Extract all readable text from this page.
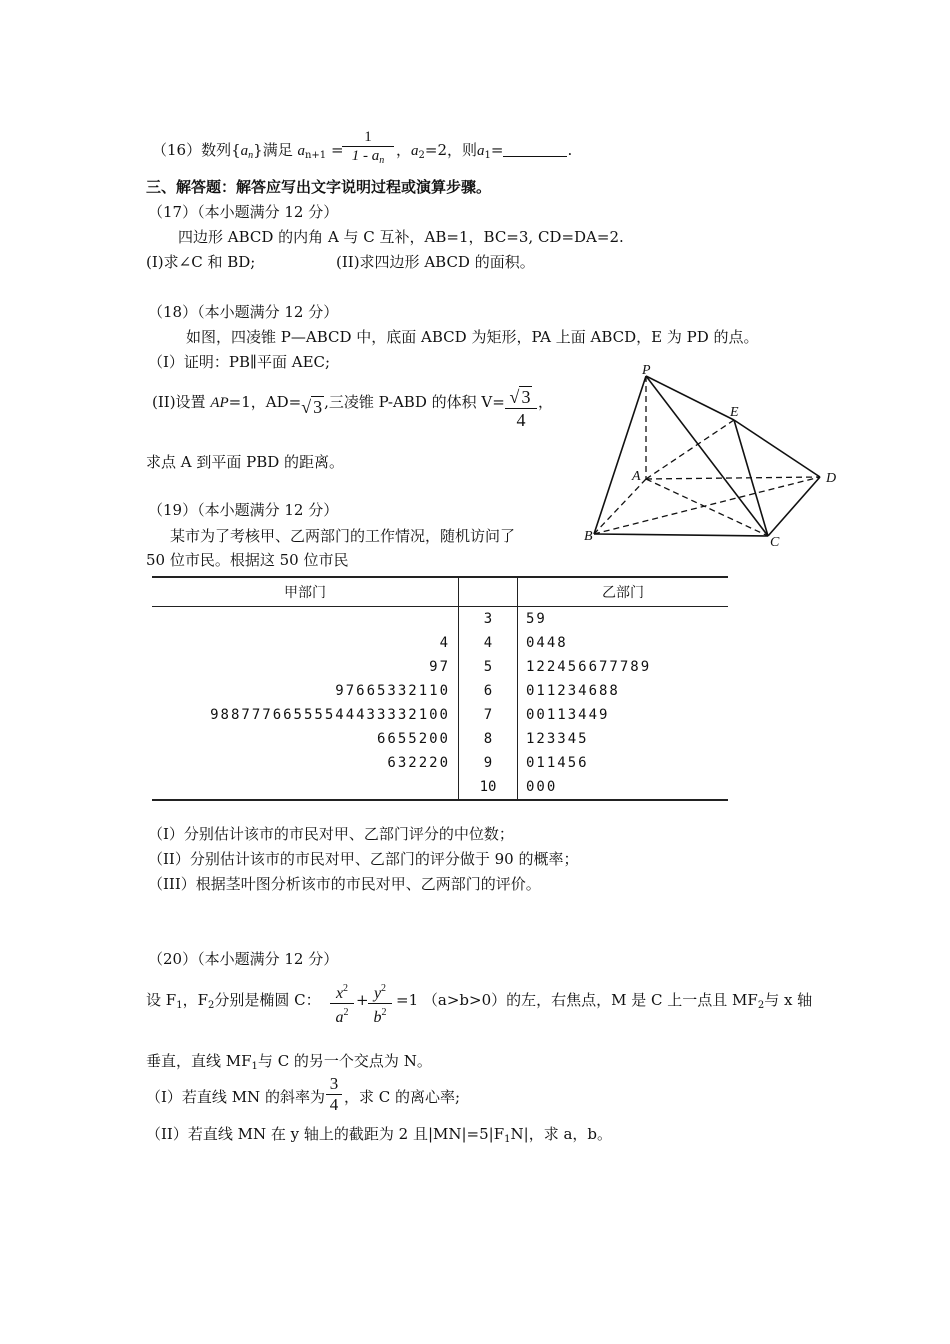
（16）数列$\{a_n\}$满足 $a_{n+1}$ =
1
$1 - a_n$
，$a_2=2$，则$a_1=$	.
三、解答题：解答应写出文字说明过程或演算步骤。
（17）（本小题满分 12 分）
四边形 ABCD 的内角 A 与 C 互补，AB=1，BC=3, CD=DA=2.
(I)求∠C 和 BD;	(II)求四边形 ABCD 的面积。
（18）（本小题满分 12 分）
如图，四凌锥 P—ABCD 中，底面 ABCD 为矩形，PA 上面 ABCD，E 为 PD 的点。
（I）证明：PB∥平面 AEC;
(II)设置 AP=1，AD=√ 3 ,三凌锥 P-ABD 的体积 V= √ 3
4
，
求点 A 到平面 PBD 的距离。
P
E
A	D
B	C
（19）（本小题满分 12 分）
某市为了考核甲、乙两部门的工作情况，随机访问了
50 位市民。根据这 50 位市民
甲部门		乙部门
	3	59
4	4	0448
97	5	122456677789
97665332110	6	011234688
98877766555544433332100	7	00113449
6655200	8	123345
632220	9	011456
	10	000
（I）分别估计该市的市民对甲、乙部门评分的中位数；
（II）分别估计该市的市民对甲、乙部门的评分做于 90 的概率；
（III）根据茎叶图分析该市的市民对甲、乙两部门的评价。
（20）（本小题满分 12 分）
设 $F_1$，$F_2$分别是椭圆 C： $x^2$
$a^2$
+ $y^2$
$b^2$
=1 （a>b>0）的左，右焦点，M 是 C 上一点且 $MF_2$与 x 轴
垂直，直线 $MF_1$与 C 的另一个交点为 N。
（I）若直线 MN 的斜率为
3
4 ，求 C 的离心率;
（II）若直线 MN 在 y 轴上的截距为 2 且$|MN|=5|F_1N|$，求 a，b。
